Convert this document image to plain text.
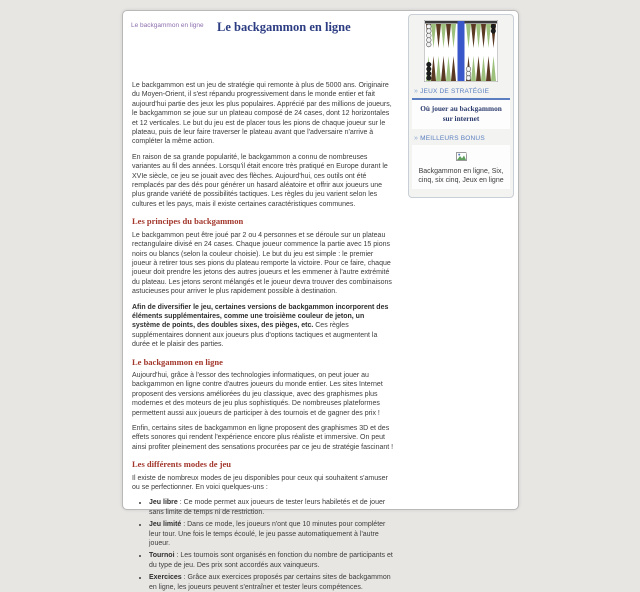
Le backgammon en ligne	Le backgammon en ligne
» JEUX DE STRATÉGIE
Où jouer au backgammon sur internet
» MEILLEURS BONUS
Backgammon en ligne, Six, cinq, six cinq, Jeux en ligne

Le backgammon est un jeu de stratégie qui remonte à plus de 5000 ans. Originaire du Moyen-Orient, il s'est répandu progressivement dans le monde entier et fait aujourd'hui partie des jeux les plus populaires. Apprécié par des millions de joueurs, le backgammon se joue sur un plateau composé de 24 cases, dont 12 horizontales et 12 verticales. Le but du jeu est de placer tous les pions de chaque joueur sur le plateau, puis de leur faire traverser le plateau avant que l'adversaire n'arrive à compléter la même action.

En raison de sa grande popularité, le backgammon a connu de nombreuses variantes au fil des années. Lorsqu'il était encore très pratiqué en Europe durant le XVIe siècle, ce jeu se jouait avec des flèches. Aujourd'hui, ces outils ont été remplacés par des dés pour générer un hasard aléatoire et offrir aux joueurs une plus grande variété de possibilités tactiques. Les règles du jeu varient selon les cultures et les pays, mais il existe certaines caractéristiques communes.

Les principes du backgammon

Le backgammon peut être joué par 2 ou 4 personnes et se déroule sur un plateau rectangulaire divisé en 24 cases. Chaque joueur commence la partie avec 15 pions noirs ou blancs (selon la couleur choisie). Le but du jeu est simple : le premier joueur à retirer tous ses pions du plateau remporte la victoire. Pour ce faire, chaque joueur doit prendre les jetons des autres joueurs et les emmener à l'autre extrémité du plateau. Les jetons seront mélangés et le joueur devra trouver des combinaisons astucieuses pour arriver le plus rapidement possible à destination.

Afin de diversifier le jeu, certaines versions de backgammon incorporent des éléments supplémentaires, comme une troisième couleur de jeton, un système de points, des doubles sixes, des pièges, etc. Ces règles supplémentaires donnent aux joueurs plus d'options tactiques et augmentent la durée et le plaisir des parties.

Le backgammon en ligne

Aujourd'hui, grâce à l'essor des technologies informatiques, on peut jouer au backgammon en ligne contre d'autres joueurs du monde entier. Les sites Internet proposent des versions améliorées du jeu classique, avec des graphismes plus modernes et des moteurs de jeu plus sophistiqués. De nombreuses plateformes permettent aussi aux joueurs de participer à des tournois et de gagner des prix !

Enfin, certains sites de backgammon en ligne proposent des graphismes 3D et des effets sonores qui rendent l'expérience encore plus réaliste et immersive. On peut ainsi profiter pleinement des sensations procurées par ce jeu de stratégie fascinant !

Les différents modes de jeu

Il existe de nombreux modes de jeu disponibles pour ceux qui souhaitent s'amuser ou se perfectionner. En voici quelques-uns :

• Jeu libre : Ce mode permet aux joueurs de tester leurs habiletés et de jouer sans limite de temps ni de restriction.
• Jeu limité : Dans ce mode, les joueurs n'ont que 10 minutes pour compléter leur tour. Une fois le temps écoulé, le jeu passe automatiquement à l'autre joueur.
• Tournoi : Les tournois sont organisés en fonction du nombre de participants et du type de jeu. Des prix sont accordés aux vainqueurs.
• Exercices : Grâce aux exercices proposés par certains sites de backgammon en ligne, les joueurs peuvent s'entraîner et tester leurs compétences.
